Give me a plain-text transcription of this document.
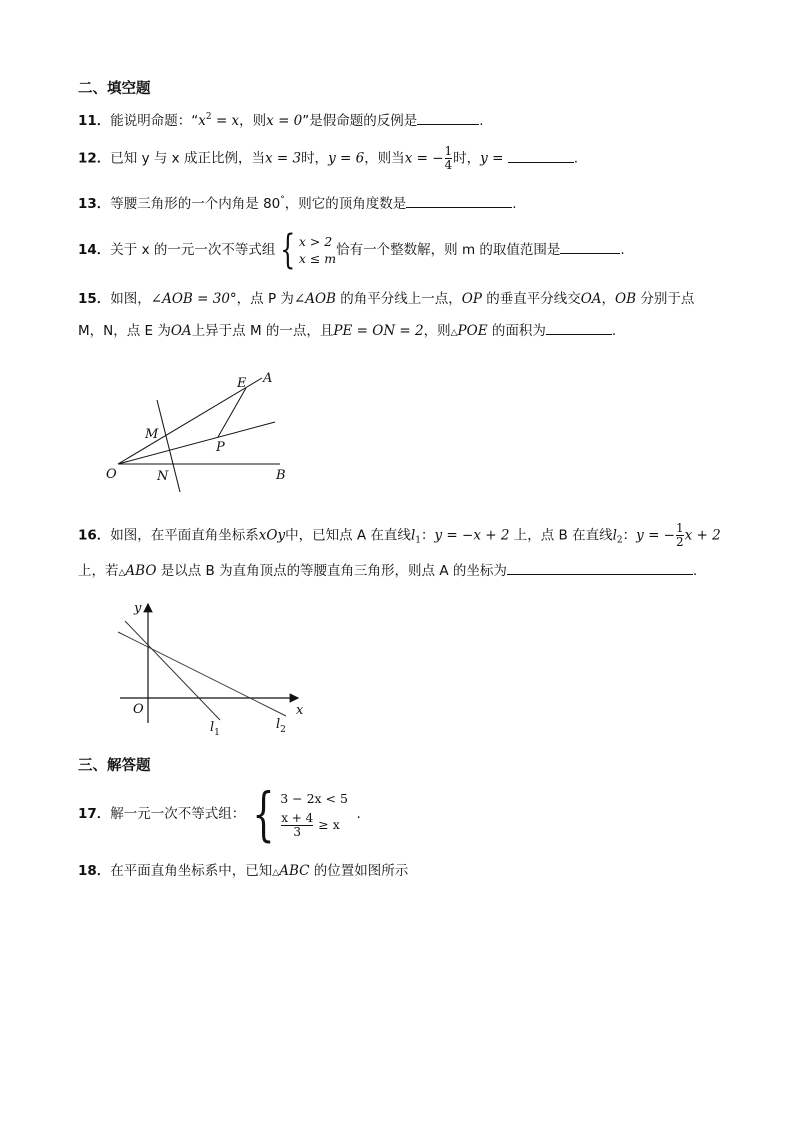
二、填空题
11．能说明命题：“$x^2 = x$，则x = 0”是假命题的反例是	.
12．已知 y 与 x 成正比例，当x = 3时，y = 6，则当x = − $\frac{1}{4}$ 时，y =	.
13．等腰三角形的一个内角是 80°，则它的顶角度数是	.
14．关于 x 的一元一次不等式组 { x > 2
x ≤ m
恰有一个整数解，则 m 的取值范围是	.
15．如图，∠AOB = 30°，点 P 为∠AOB 的角平分线上一点，OP 的垂直平分线交OA，OB 分别于点
M，N，点 E 为OA上异于点 M 的一点，且PE = ON = 2，则△POE 的面积为	.
E A
M
P
O	N	B
16．如图，在平面直角坐标系xOy中，已知点 A 在直线$l_1$：y = −x + 2 上，点 B 在直线$l_2$：y = − $\frac{1}{2}$ x + 2
上，若△ABO 是以点 B 为直角顶点的等腰直角三角形，则点 A 的坐标为	.
y
x
O
$l_1$
$l_2$
三、解答题
17．解一元一次不等式组： { 3 − 2x < 5
$\frac{x + 4}{3}$
≥ x
.
18．在平面直角坐标系中，已知△ABC 的位置如图所示
